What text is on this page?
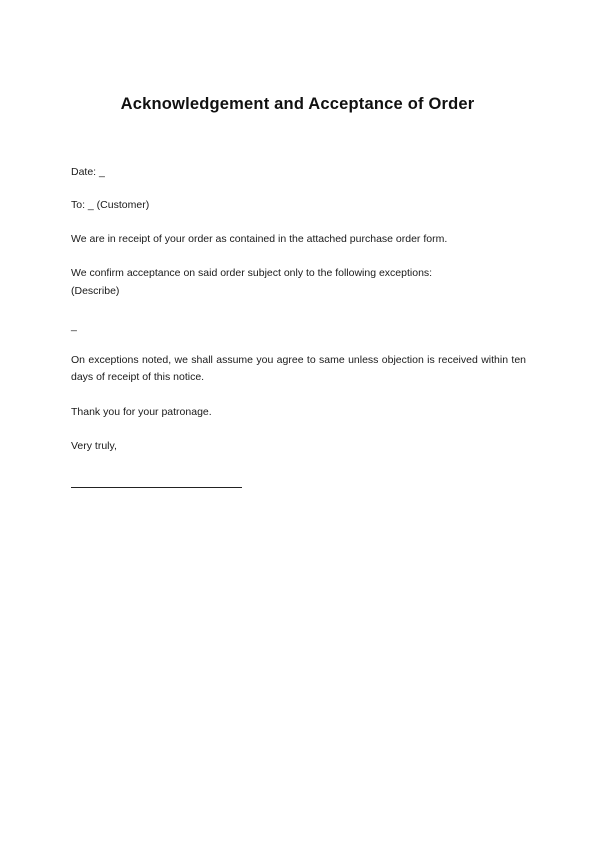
Acknowledgement and Acceptance of Order
Date: _
To: _ (Customer)
We are in receipt of your order as contained in the attached purchase order form.
We confirm acceptance on said order subject only to the following exceptions:
(Describe)
_
On exceptions noted, we shall assume you agree to same unless objection is received within ten days of receipt of this notice.
Thank you for your patronage.
Very truly,
